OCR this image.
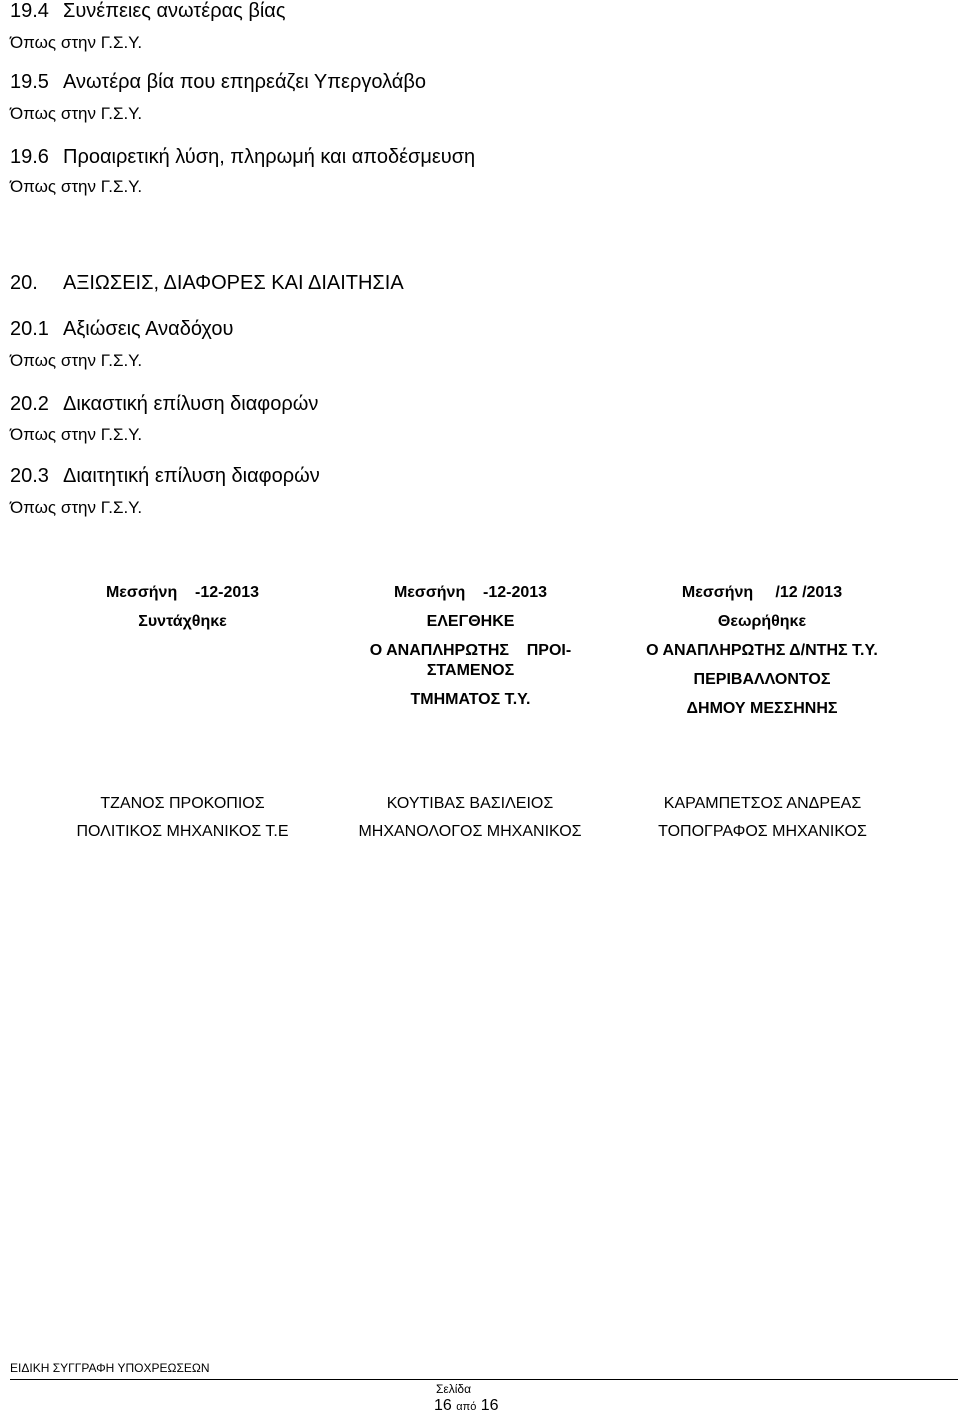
19.4 Συνέπειες ανωτέρας βίας
Όπως στην Γ.Σ.Υ.
19.5 Ανωτέρα βία που επηρεάζει Υπεργολάβο
Όπως στην Γ.Σ.Υ.
19.6 Προαιρετική λύση, πληρωμή και αποδέσμευση
Όπως στην Γ.Σ.Υ.
20. ΑΞΙΩΣΕΙΣ, ΔΙΑΦΟΡΕΣ ΚΑΙ ΔΙΑΙΤΗΣΙΑ
20.1 Αξιώσεις Αναδόχου
Όπως στην Γ.Σ.Υ.
20.2 Δικαστική επίλυση διαφορών
Όπως στην Γ.Σ.Υ.
20.3 Διαιτητική επίλυση διαφορών
Όπως στην Γ.Σ.Υ.
Μεσσήνη    -12-2013
Συντάχθηκε
Μεσσήνη    -12-2013
ΕΛΕΓΘΗΚΕ
Ο ΑΝΑΠΛΗΡΩΤΗΣ    ΠΡΟΙ-
ΣΤΑΜΕΝΟΣ
ΤΜΗΜΑΤΟΣ Τ.Υ.
Μεσσήνη     /12 /2013
Θεωρήθηκε
Ο ΑΝΑΠΛΗΡΩΤΗΣ Δ/ΝΤΗΣ Τ.Υ.
ΠΕΡΙΒΑΛΛΟΝΤΟΣ
ΔΗΜΟΥ ΜΕΣΣΗΝΗΣ
ΤΖΑΝΟΣ ΠΡΟΚΟΠΙΟΣ
ΠΟΛΙΤΙΚΟΣ ΜΗΧΑΝΙΚΟΣ Τ.Ε
ΚΟΥΤΙΒΑΣ ΒΑΣΙΛΕΙΟΣ
ΜΗΧΑΝΟΛΟΓΟΣ ΜΗΧΑΝΙΚΟΣ
ΚΑΡΑΜΠΕΤΣΟΣ ΑΝΔΡΕΑΣ
ΤΟΠΟΓΡΑΦΟΣ ΜΗΧΑΝΙΚΟΣ
ΕΙΔΙΚΗ ΣΥΓΓΡΑΦΗ ΥΠΟΧΡΕΩΣΕΩΝ
Σελίδα
16 από 16
